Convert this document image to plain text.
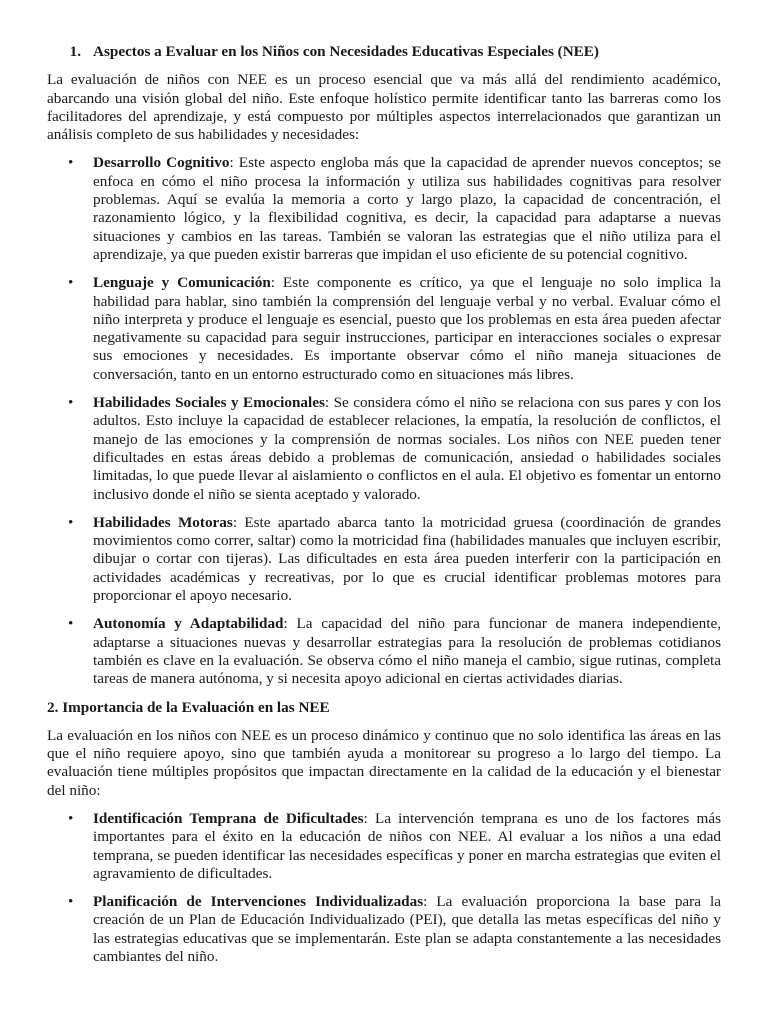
1. Aspectos a Evaluar en los Niños con Necesidades Educativas Especiales (NEE)

La evaluación de niños con NEE es un proceso esencial que va más allá del rendimiento académico, abarcando una visión global del niño. Este enfoque holístico permite identificar tanto las barreras como los facilitadores del aprendizaje, y está compuesto por múltiples aspectos interrelacionados que garantizan un análisis completo de sus habilidades y necesidades:

• Desarrollo Cognitivo: Este aspecto engloba más que la capacidad de aprender nuevos conceptos; se enfoca en cómo el niño procesa la información y utiliza sus habilidades cognitivas para resolver problemas. Aquí se evalúa la memoria a corto y largo plazo, la capacidad de concentración, el razonamiento lógico, y la flexibilidad cognitiva, es decir, la capacidad para adaptarse a nuevas situaciones y cambios en las tareas. También se valoran las estrategias que el niño utiliza para el aprendizaje, ya que pueden existir barreras que impidan el uso eficiente de su potencial cognitivo.
• Lenguaje y Comunicación: Este componente es crítico, ya que el lenguaje no solo implica la habilidad para hablar, sino también la comprensión del lenguaje verbal y no verbal. Evaluar cómo el niño interpreta y produce el lenguaje es esencial, puesto que los problemas en esta área pueden afectar negativamente su capacidad para seguir instrucciones, participar en interacciones sociales o expresar sus emociones y necesidades. Es importante observar cómo el niño maneja situaciones de conversación, tanto en un entorno estructurado como en situaciones más libres.
• Habilidades Sociales y Emocionales: Se considera cómo el niño se relaciona con sus pares y con los adultos. Esto incluye la capacidad de establecer relaciones, la empatía, la resolución de conflictos, el manejo de las emociones y la comprensión de normas sociales. Los niños con NEE pueden tener dificultades en estas áreas debido a problemas de comunicación, ansiedad o habilidades sociales limitadas, lo que puede llevar al aislamiento o conflictos en el aula. El objetivo es fomentar un entorno inclusivo donde el niño se sienta aceptado y valorado.
• Habilidades Motoras: Este apartado abarca tanto la motricidad gruesa (coordinación de grandes movimientos como correr, saltar) como la motricidad fina (habilidades manuales que incluyen escribir, dibujar o cortar con tijeras). Las dificultades en esta área pueden interferir con la participación en actividades académicas y recreativas, por lo que es crucial identificar problemas motores para proporcionar el apoyo necesario.
• Autonomía y Adaptabilidad: La capacidad del niño para funcionar de manera independiente, adaptarse a situaciones nuevas y desarrollar estrategias para la resolución de problemas cotidianos también es clave en la evaluación. Se observa cómo el niño maneja el cambio, sigue rutinas, completa tareas de manera autónoma, y si necesita apoyo adicional en ciertas actividades diarias.
2. Importancia de la Evaluación en las NEE

La evaluación en los niños con NEE es un proceso dinámico y continuo que no solo identifica las áreas en las que el niño requiere apoyo, sino que también ayuda a monitorear su progreso a lo largo del tiempo. La evaluación tiene múltiples propósitos que impactan directamente en la calidad de la educación y el bienestar del niño:

• Identificación Temprana de Dificultades: La intervención temprana es uno de los factores más importantes para el éxito en la educación de niños con NEE. Al evaluar a los niños a una edad temprana, se pueden identificar las necesidades específicas y poner en marcha estrategias que eviten el agravamiento de dificultades.
• Planificación de Intervenciones Individualizadas: La evaluación proporciona la base para la creación de un Plan de Educación Individualizado (PEI), que detalla las metas específicas del niño y las estrategias educativas que se implementarán. Este plan se adapta constantemente a las necesidades cambiantes del niño.
